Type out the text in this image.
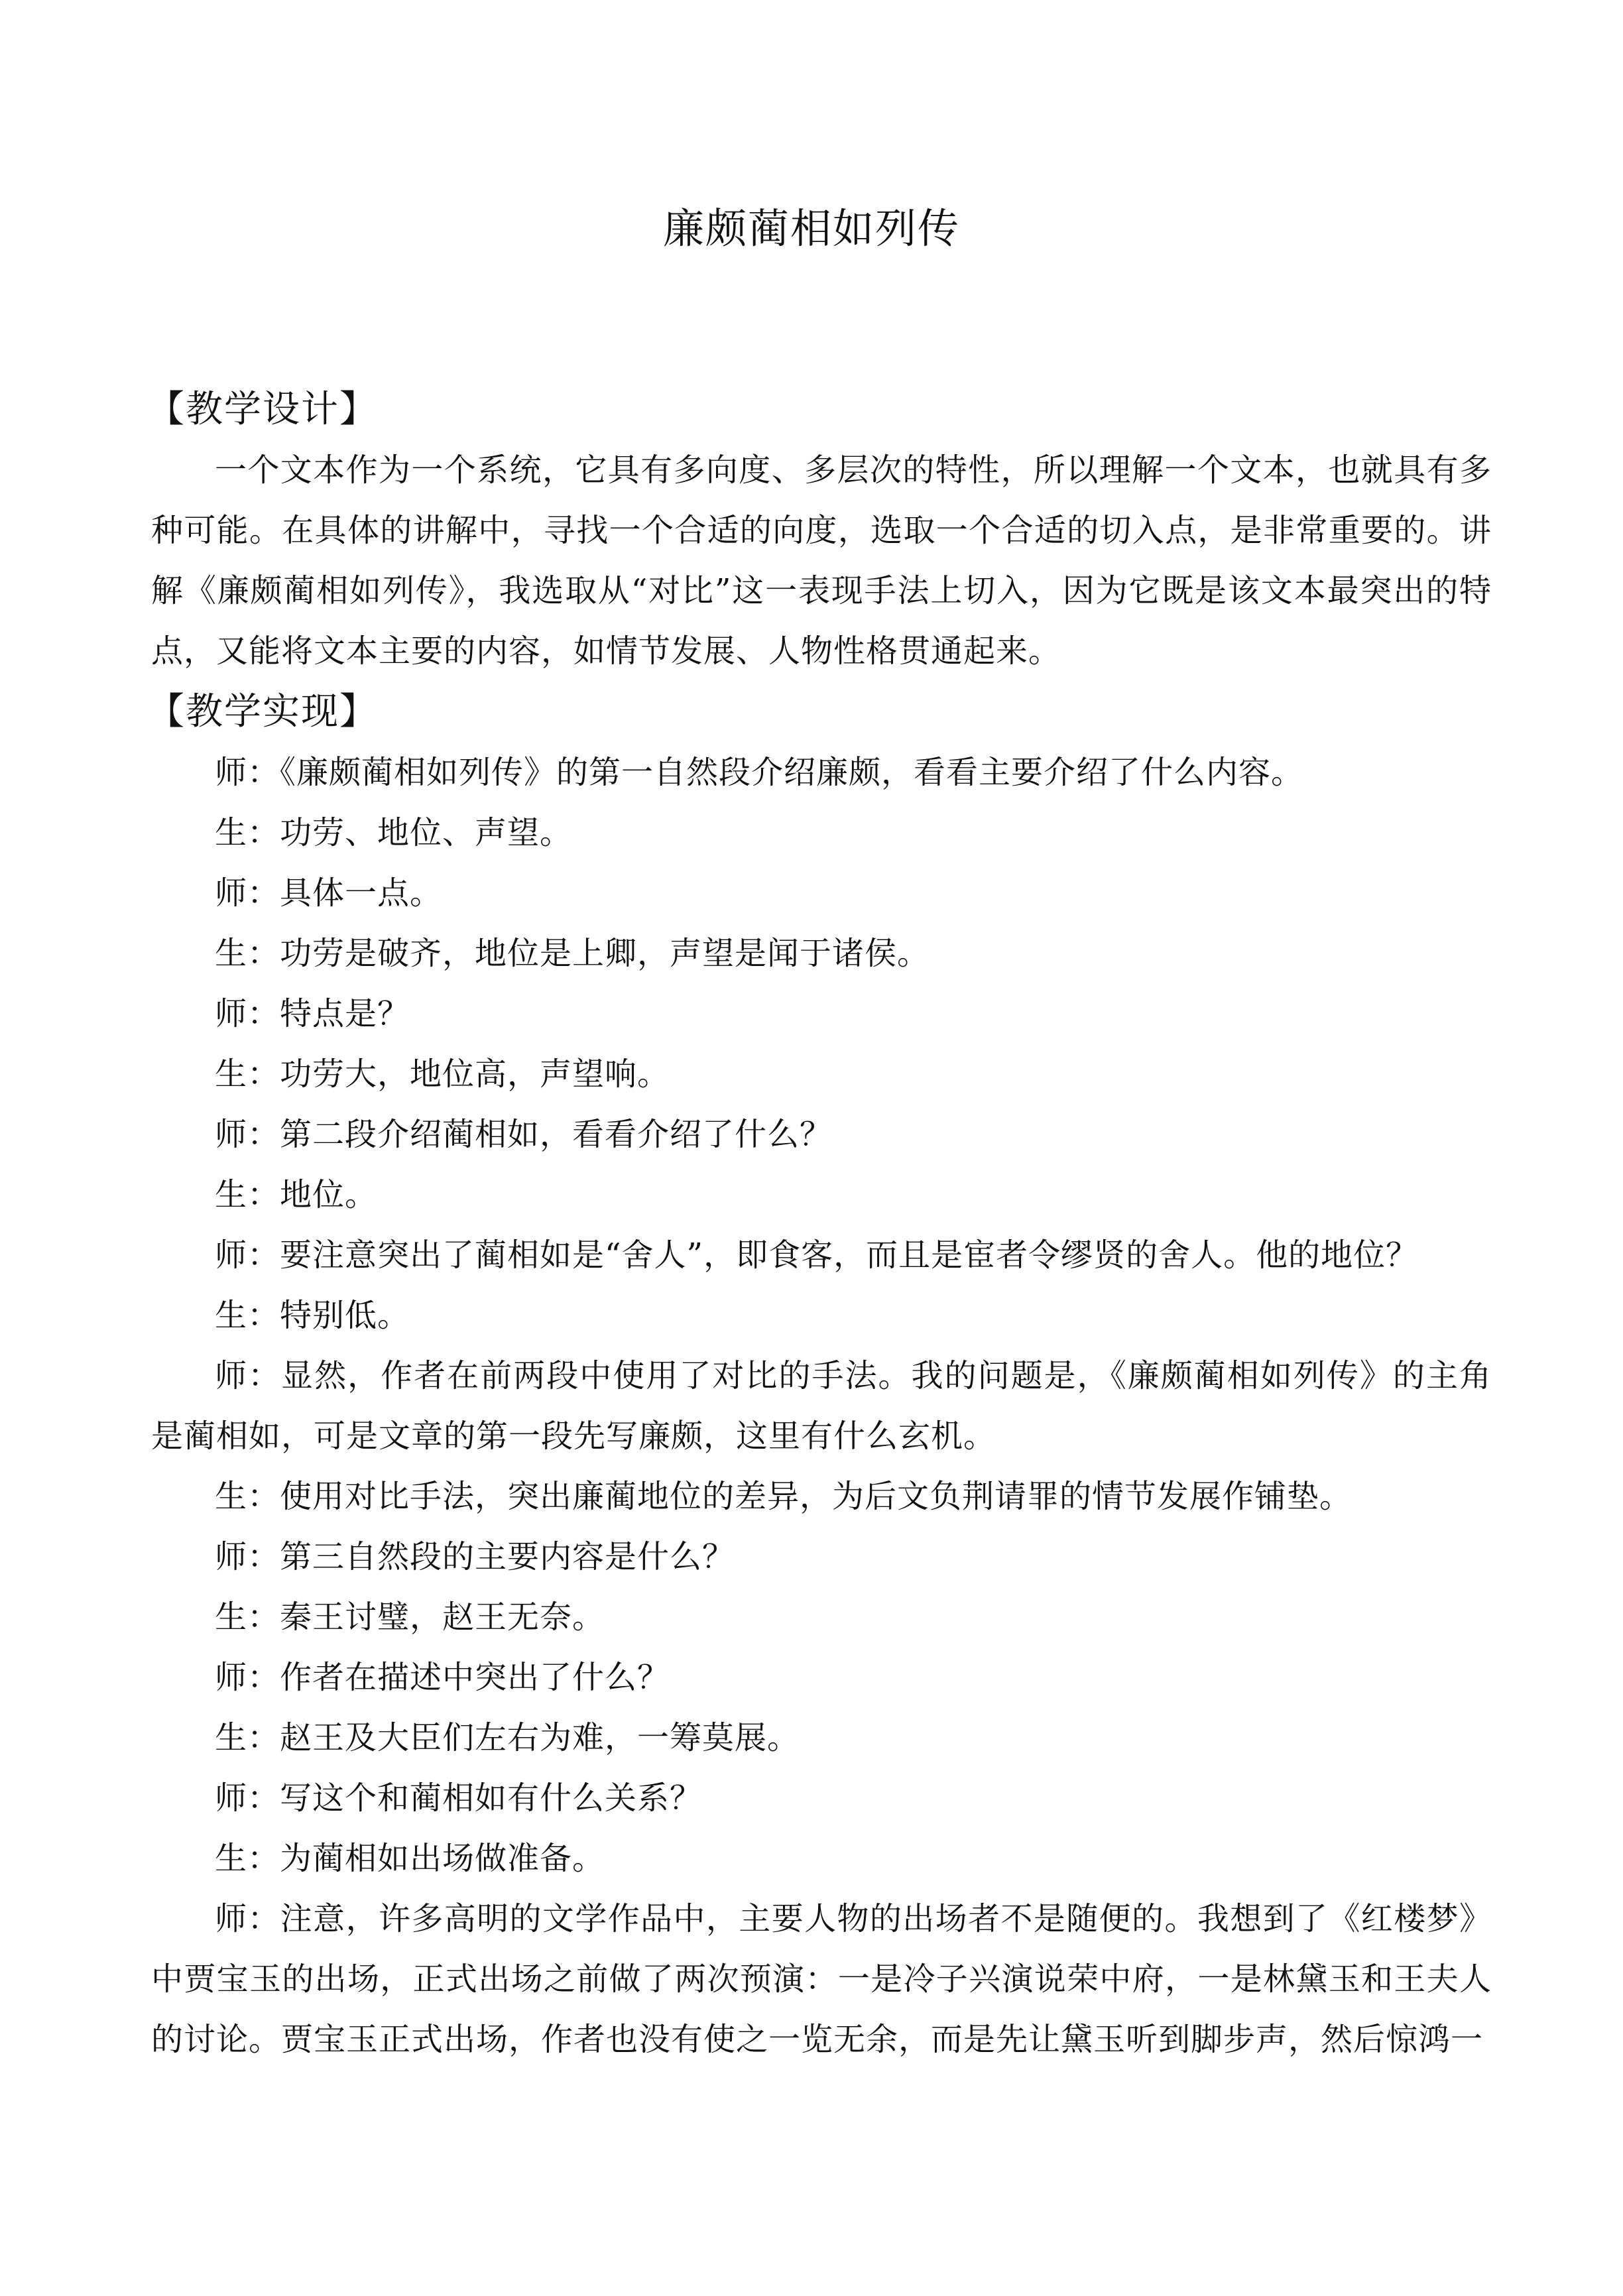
廉颇蔺相如列传
【教学设计】

一个文本作为一个系统，它具有多向度、多层次的特性，所以理解一个文本，也就具有多种可能。在具体的讲解中，寻找一个合适的向度，选取一个合适的切入点，是非常重要的。讲解《廉颇蔺相如列传》，我选取从“对比”这一表现手法上切入，因为它既是该文本最突出的特点，又能将文本主要的内容，如情节发展、人物性格贯通起来。

【教学实现】

师：《廉颇蔺相如列传》的第一自然段介绍廉颇，看看主要介绍了什么内容。

生：功劳、地位、声望。

师：具体一点。

生：功劳是破齐，地位是上卿，声望是闻于诸侯。

师：特点是？

生：功劳大，地位高，声望响。

师：第二段介绍蔺相如，看看介绍了什么？

生：地位。

师：要注意突出了蔺相如是“舍人”，即食客，而且是宦者令缪贤的舍人。他的地位？

生：特别低。

师：显然，作者在前两段中使用了对比的手法。我的问题是，《廉颇蔺相如列传》的主角是蔺相如，可是文章的第一段先写廉颇，这里有什么玄机。

生：使用对比手法，突出廉蔺地位的差异，为后文负荆请罪的情节发展作铺垫。

师：第三自然段的主要内容是什么？

生：秦王讨璧，赵王无奈。

师：作者在描述中突出了什么？

生：赵王及大臣们左右为难，一筹莫展。

师：写这个和蔺相如有什么关系？

生：为蔺相如出场做准备。

师：注意，许多高明的文学作品中，主要人物的出场者不是随便的。我想到了《红楼梦》中贾宝玉的出场，正式出场之前做了两次预演：一是冷子兴演说荣中府，一是林黛玉和王夫人的讨论。贾宝玉正式出场，作者也没有使之一览无余，而是先让黛玉听到脚步声，然后惊鸿一
